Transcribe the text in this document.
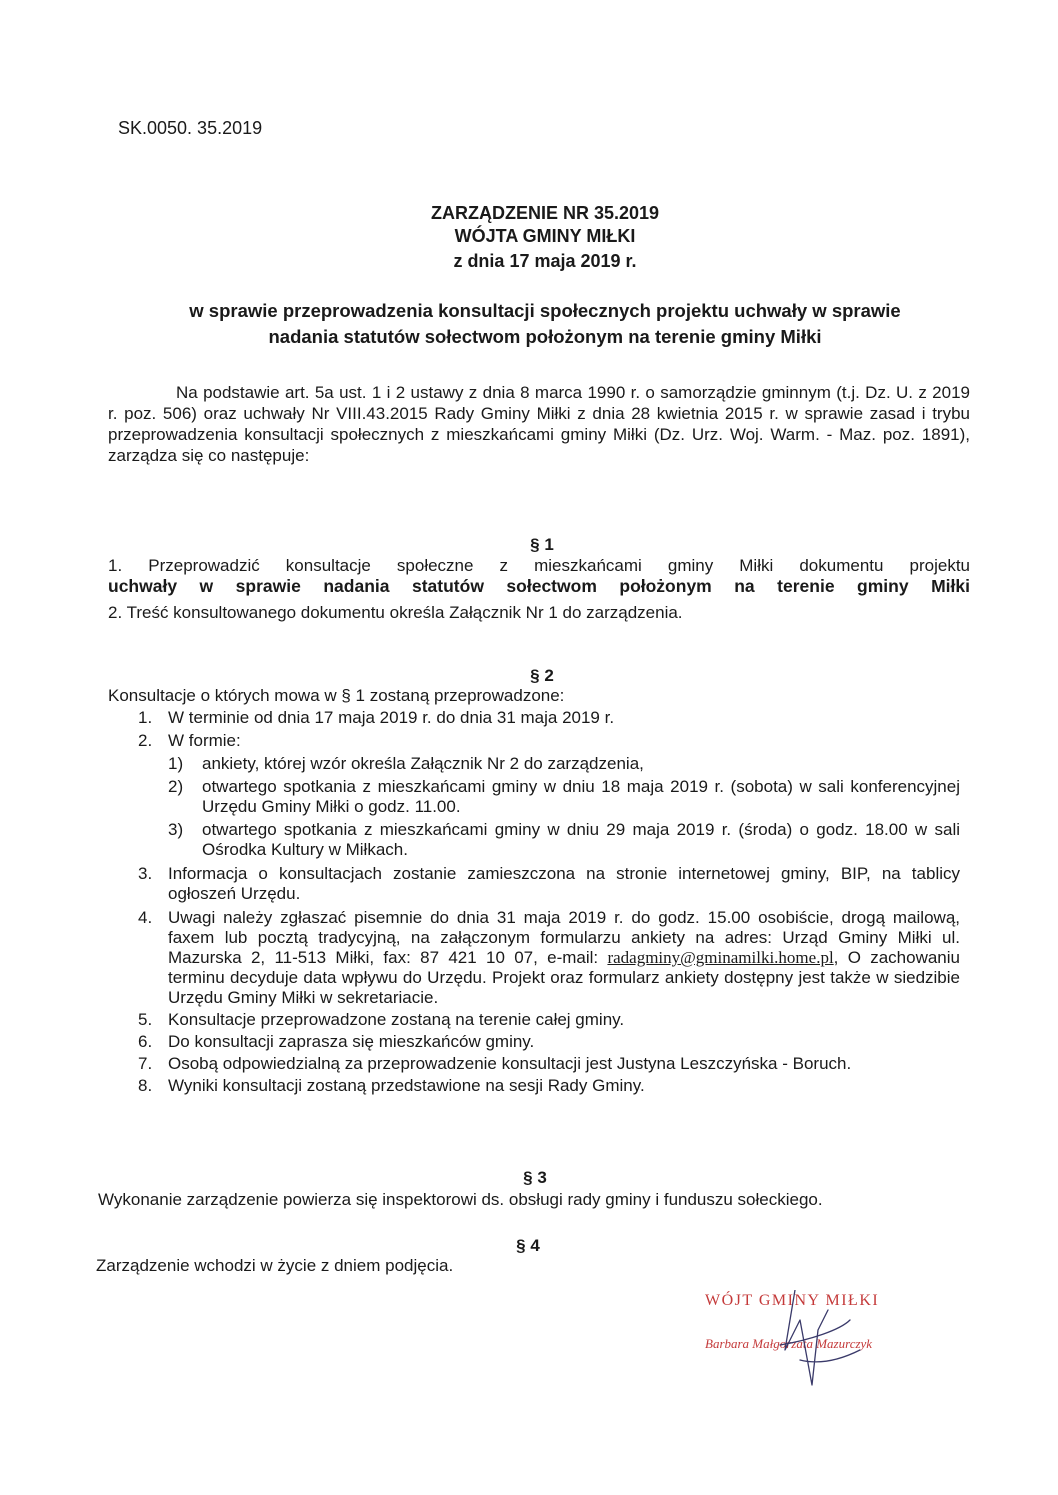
SK.0050. 35.2019

ZARZĄDZENIE NR 35.2019

WÓJTA GMINY MIŁKI

z dnia 17 maja 2019 r.

w sprawie przeprowadzenia konsultacji społecznych projektu uchwały w sprawie
nadania statutów sołectwom położonym na terenie gminy Miłki

Na podstawie art. 5a ust. 1 i 2 ustawy z dnia 8 marca 1990 r. o samorządzie gminnym (t.j. Dz. U. z 2019 r. poz. 506) oraz uchwały Nr VIII.43.2015 Rady Gminy Miłki z dnia 28 kwietnia 2015 r. w sprawie zasad i trybu przeprowadzenia konsultacji społecznych z mieszkańcami gminy Miłki (Dz. Urz. Woj. Warm. - Maz. poz. 1891), zarządza się co następuje:

§ 1
1. Przeprowadzić konsultacje społeczne z mieszkańcami gminy Miłki dokumentu projektu
uchwały w sprawie nadania statutów sołectwom położonym na terenie gminy Miłki
2. Treść konsultowanego dokumentu określa Załącznik Nr 1 do zarządzenia.
§ 2
Konsultacje o których mowa w § 1 zostaną przeprowadzone:
1. W terminie od dnia 17 maja 2019 r. do dnia 31 maja 2019 r.
2. W formie:
1) ankiety, której wzór określa Załącznik Nr 2 do zarządzenia,
2) otwartego spotkania z mieszkańcami gminy w dniu 18 maja 2019 r. (sobota) w sali konferencyjnej Urzędu Gminy Miłki o godz. 11.00.
3) otwartego spotkania z mieszkańcami gminy w dniu 29 maja 2019 r. (środa) o godz. 18.00 w sali Ośrodka Kultury w Miłkach.
3. Informacja o konsultacjach zostanie zamieszczona na stronie internetowej gminy, BIP, na tablicy ogłoszeń Urzędu.
4. Uwagi należy zgłaszać pisemnie do dnia 31 maja 2019 r. do godz. 15.00 osobiście, drogą mailową, faxem lub pocztą tradycyjną, na załączonym formularzu ankiety na adres: Urząd Gminy Miłki ul. Mazurska 2, 11-513 Miłki, fax: 87 421 10 07, e-mail: radagminy@gminamilki.home.pl, O zachowaniu terminu decyduje data wpływu do Urzędu. Projekt oraz formularz ankiety dostępny jest także w siedzibie Urzędu Gminy Miłki w sekretariacie.
5. Konsultacje przeprowadzone zostaną na terenie całej gminy.
6. Do konsultacji zaprasza się mieszkańców gminy.
7. Osobą odpowiedzialną za przeprowadzenie konsultacji jest Justyna Leszczyńska - Boruch.
8. Wyniki konsultacji zostaną przedstawione na sesji Rady Gminy.
§ 3
Wykonanie zarządzenie powierza się inspektorowi ds. obsługi rady gminy i funduszu sołeckiego.
§ 4
Zarządzenie wchodzi w życie z dniem podjęcia.
WÓJT GMINY MIŁKI
Barbara Małgorzata Mazurczyk
